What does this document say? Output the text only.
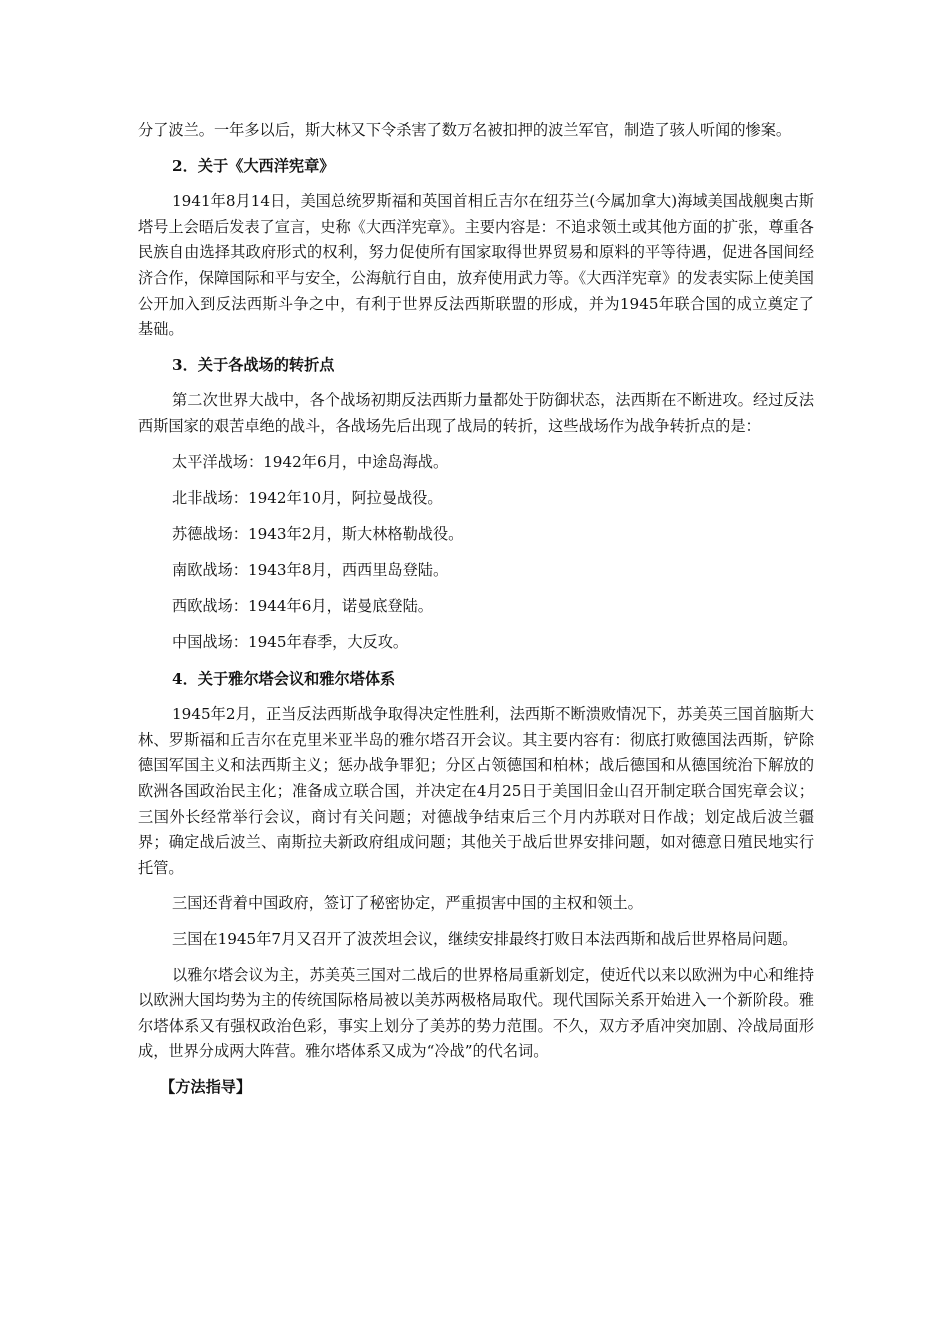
分了波兰。一年多以后，斯大林又下令杀害了数万名被扣押的波兰军官，制造了骇人听闻的惨案。

2．关于《大西洋宪章》

1941年8月14日，美国总统罗斯福和英国首相丘吉尔在纽芬兰(今属加拿大)海域美国战舰奥古斯塔号上会晤后发表了宣言，史称《大西洋宪章》。主要内容是：不追求领土或其他方面的扩张，尊重各民族自由选择其政府形式的权利，努力促使所有国家取得世界贸易和原料的平等待遇，促进各国间经济合作，保障国际和平与安全，公海航行自由，放弃使用武力等。《大西洋宪章》的发表实际上使美国公开加入到反法西斯斗争之中，有利于世界反法西斯联盟的形成，并为1945年联合国的成立奠定了基础。

3．关于各战场的转折点

第二次世界大战中，各个战场初期反法西斯力量都处于防御状态，法西斯在不断进攻。经过反法西斯国家的艰苦卓绝的战斗，各战场先后出现了战局的转折，这些战场作为战争转折点的是：

太平洋战场：1942年6月，中途岛海战。
北非战场：1942年10月，阿拉曼战役。
苏德战场：1943年2月，斯大林格勒战役。
南欧战场：1943年8月，西西里岛登陆。
西欧战场：1944年6月，诺曼底登陆。
中国战场：1945年春季，大反攻。
4．关于雅尔塔会议和雅尔塔体系

1945年2月，正当反法西斯战争取得决定性胜利，法西斯不断溃败情况下，苏美英三国首脑斯大林、罗斯福和丘吉尔在克里米亚半岛的雅尔塔召开会议。其主要内容有：彻底打败德国法西斯，铲除德国军国主义和法西斯主义；惩办战争罪犯；分区占领德国和柏林；战后德国和从德国统治下解放的欧洲各国政治民主化；准备成立联合国，并决定在4月25日于美国旧金山召开制定联合国宪章会议；三国外长经常举行会议，商讨有关问题；对德战争结束后三个月内苏联对日作战；划定战后波兰疆界；确定战后波兰、南斯拉夫新政府组成问题；其他关于战后世界安排问题，如对德意日殖民地实行托管。

三国还背着中国政府，签订了秘密协定，严重损害中国的主权和领土。

三国在1945年7月又召开了波茨坦会议，继续安排最终打败日本法西斯和战后世界格局问题。

以雅尔塔会议为主，苏美英三国对二战后的世界格局重新划定，使近代以来以欧洲为中心和维持以欧洲大国均势为主的传统国际格局被以美苏两极格局取代。现代国际关系开始进入一个新阶段。雅尔塔体系又有强权政治色彩，事实上划分了美苏的势力范围。不久，双方矛盾冲突加剧、冷战局面形成，世界分成两大阵营。雅尔塔体系又成为“冷战”的代名词。

【方法指导】
